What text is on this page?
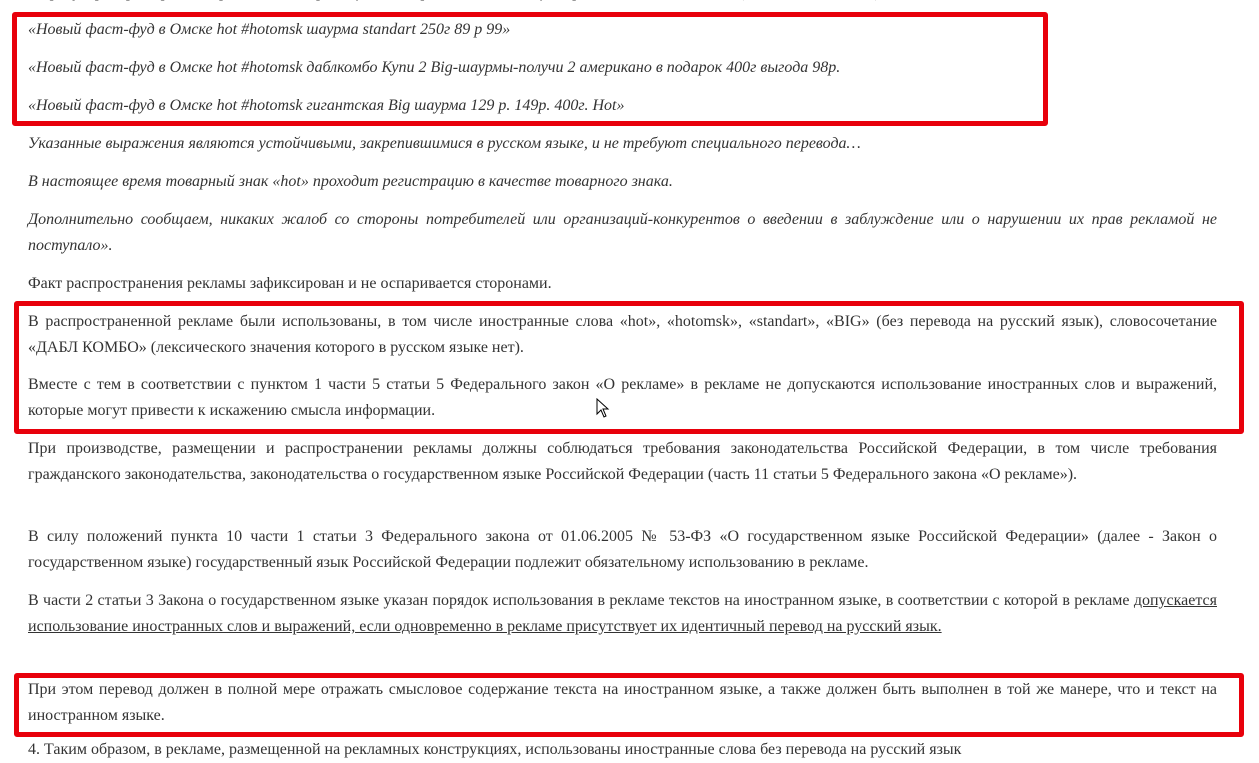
«Новый фаст-фуд в Омске hot #hotomsk шаурма standart 250г 89 р 99»

«Новый фаст-фуд в Омске hot #hotomsk даблкомбо Купи 2 Big-шаурмы-получи 2 американо в подарок 400г выгода 98р.

«Новый фаст-фуд в Омске hot #hotomsk гигантская Big шаурма 129 р. 149р. 400г. Hot»

Указанные выражения являются устойчивыми, закрепившимися в русском языке, и не требуют специального перевода…

В настоящее время товарный знак «hot» проходит регистрацию в качестве товарного знака.

Дополнительно сообщаем, никаких жалоб со стороны потребителей или организаций-конкурентов о введении в заблуждение или о нарушении их прав рекламой не поступало».

Факт распространения рекламы зафиксирован и не оспаривается сторонами.

В распространенной рекламе были использованы, в том числе иностранные слова «hot», «hotomsk», «standart», «BIG» (без перевода на русский язык), словосочетание «ДАБЛ КОМБО» (лексического значения которого в русском языке нет).

Вместе с тем в соответствии с пунктом 1 части 5 статьи 5 Федерального закон «О рекламе» в рекламе не допускаются использование иностранных слов и выражений, которые могут привести к искажению смысла информации.

При производстве, размещении и распространении рекламы должны соблюдаться требования законодательства Российской Федерации, в том числе требования гражданского законодательства, законодательства о государственном языке Российской Федерации (часть 11 статьи 5 Федерального закона «О рекламе»).

В силу положений пункта 10 части 1 статьи 3 Федерального закона от 01.06.2005 № 53-ФЗ «О государственном языке Российской Федерации» (далее - Закон о государственном языке) государственный язык Российской Федерации подлежит обязательному использованию в рекламе.

В части 2 статьи 3 Закона о государственном языке указан порядок использования в рекламе текстов на иностранном языке, в соответствии с которой в рекламе допускается использование иностранных слов и выражений, если одновременно в рекламе присутствует их идентичный перевод на русский язык.

При этом перевод должен в полной мере отражать смысловое содержание текста на иностранном языке, а также должен быть выполнен в той же манере, что и текст на иностранном языке.

4. Таким образом, в рекламе, размещенной на рекламных конструкциях, использованы иностранные слова без перевода на русский язык
